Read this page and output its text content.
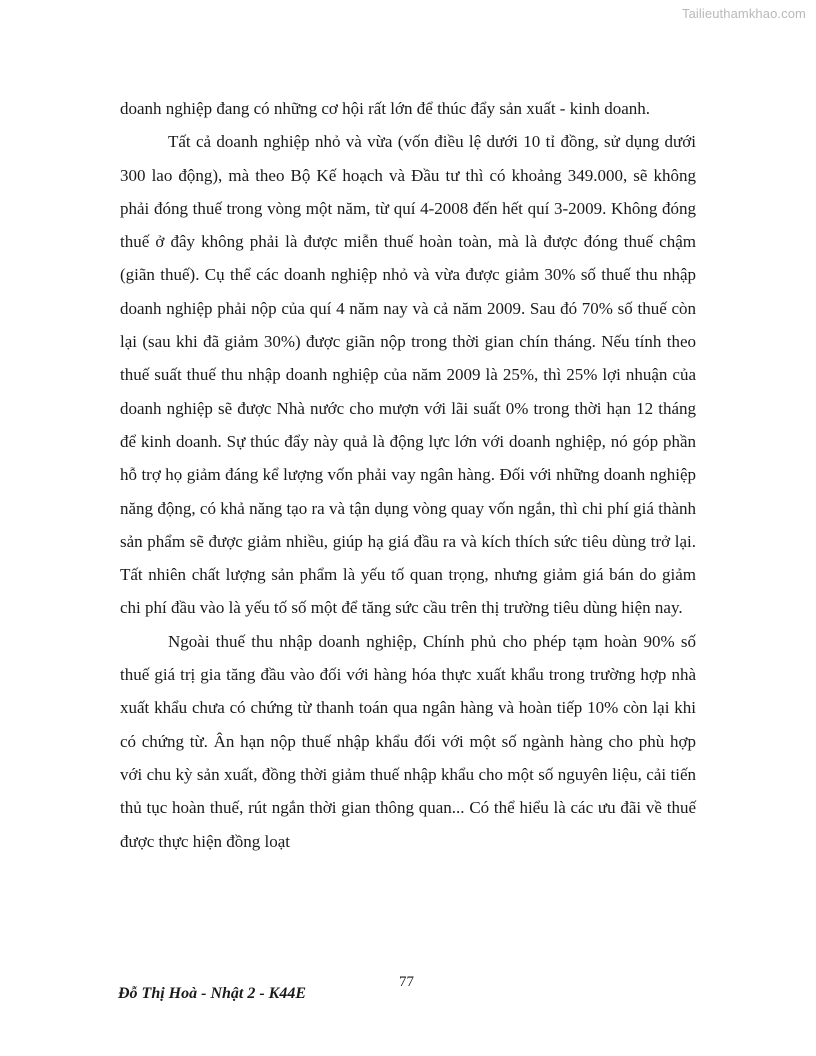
Tailieuthamkhao.com

doanh nghiệp đang có những cơ hội rất lớn để thúc đẩy sản xuất - kinh doanh.

Tất cả doanh nghiệp nhỏ và vừa (vốn điều lệ dưới 10 tỉ đồng, sử dụng dưới 300 lao động), mà theo Bộ Kế hoạch và Đầu tư thì có khoảng 349.000, sẽ không phải đóng thuế trong vòng một năm, từ quí 4-2008 đến hết quí 3-2009. Không đóng thuế ở đây không phải là được miễn thuế hoàn toàn, mà là được đóng thuế chậm (giãn thuế). Cụ thể các doanh nghiệp nhỏ và vừa được giảm 30% số thuế thu nhập doanh nghiệp phải nộp của quí 4 năm nay và cả năm 2009. Sau đó 70% số thuế còn lại (sau khi đã giảm 30%) được giãn nộp trong thời gian chín tháng. Nếu tính theo thuế suất thuế thu nhập doanh nghiệp của năm 2009 là 25%, thì 25% lợi nhuận của doanh nghiệp sẽ được Nhà nước cho mượn với lãi suất 0% trong thời hạn 12 tháng để kinh doanh. Sự thúc đẩy này quả là động lực lớn với doanh nghiệp, nó góp phần hỗ trợ họ giảm đáng kể lượng vốn phải vay ngân hàng. Đối với những doanh nghiệp năng động, có khả năng tạo ra và tận dụng vòng quay vốn ngắn, thì chi phí giá thành sản phẩm sẽ được giảm nhiều, giúp hạ giá đầu ra và kích thích sức tiêu dùng trở lại. Tất nhiên chất lượng sản phẩm là yếu tố quan trọng, nhưng giảm giá bán do giảm chi phí đầu vào là yếu tố số một để tăng sức cầu trên thị trường tiêu dùng hiện nay.

Ngoài thuế thu nhập doanh nghiệp, Chính phủ cho phép tạm hoàn 90% số thuế giá trị gia tăng đầu vào đối với hàng hóa thực xuất khẩu trong trường hợp nhà xuất khẩu chưa có chứng từ thanh toán qua ngân hàng và hoàn tiếp 10% còn lại khi có chứng từ. Ân hạn nộp thuế nhập khẩu đối với một số ngành hàng cho phù hợp với chu kỳ sản xuất, đồng thời giảm thuế nhập khẩu cho một số nguyên liệu, cải tiến thủ tục hoàn thuế, rút ngắn thời gian thông quan... Có thể hiểu là các ưu đãi về thuế được thực hiện đồng loạt

77
Đỗ Thị Hoà - Nhật 2 - K44E
